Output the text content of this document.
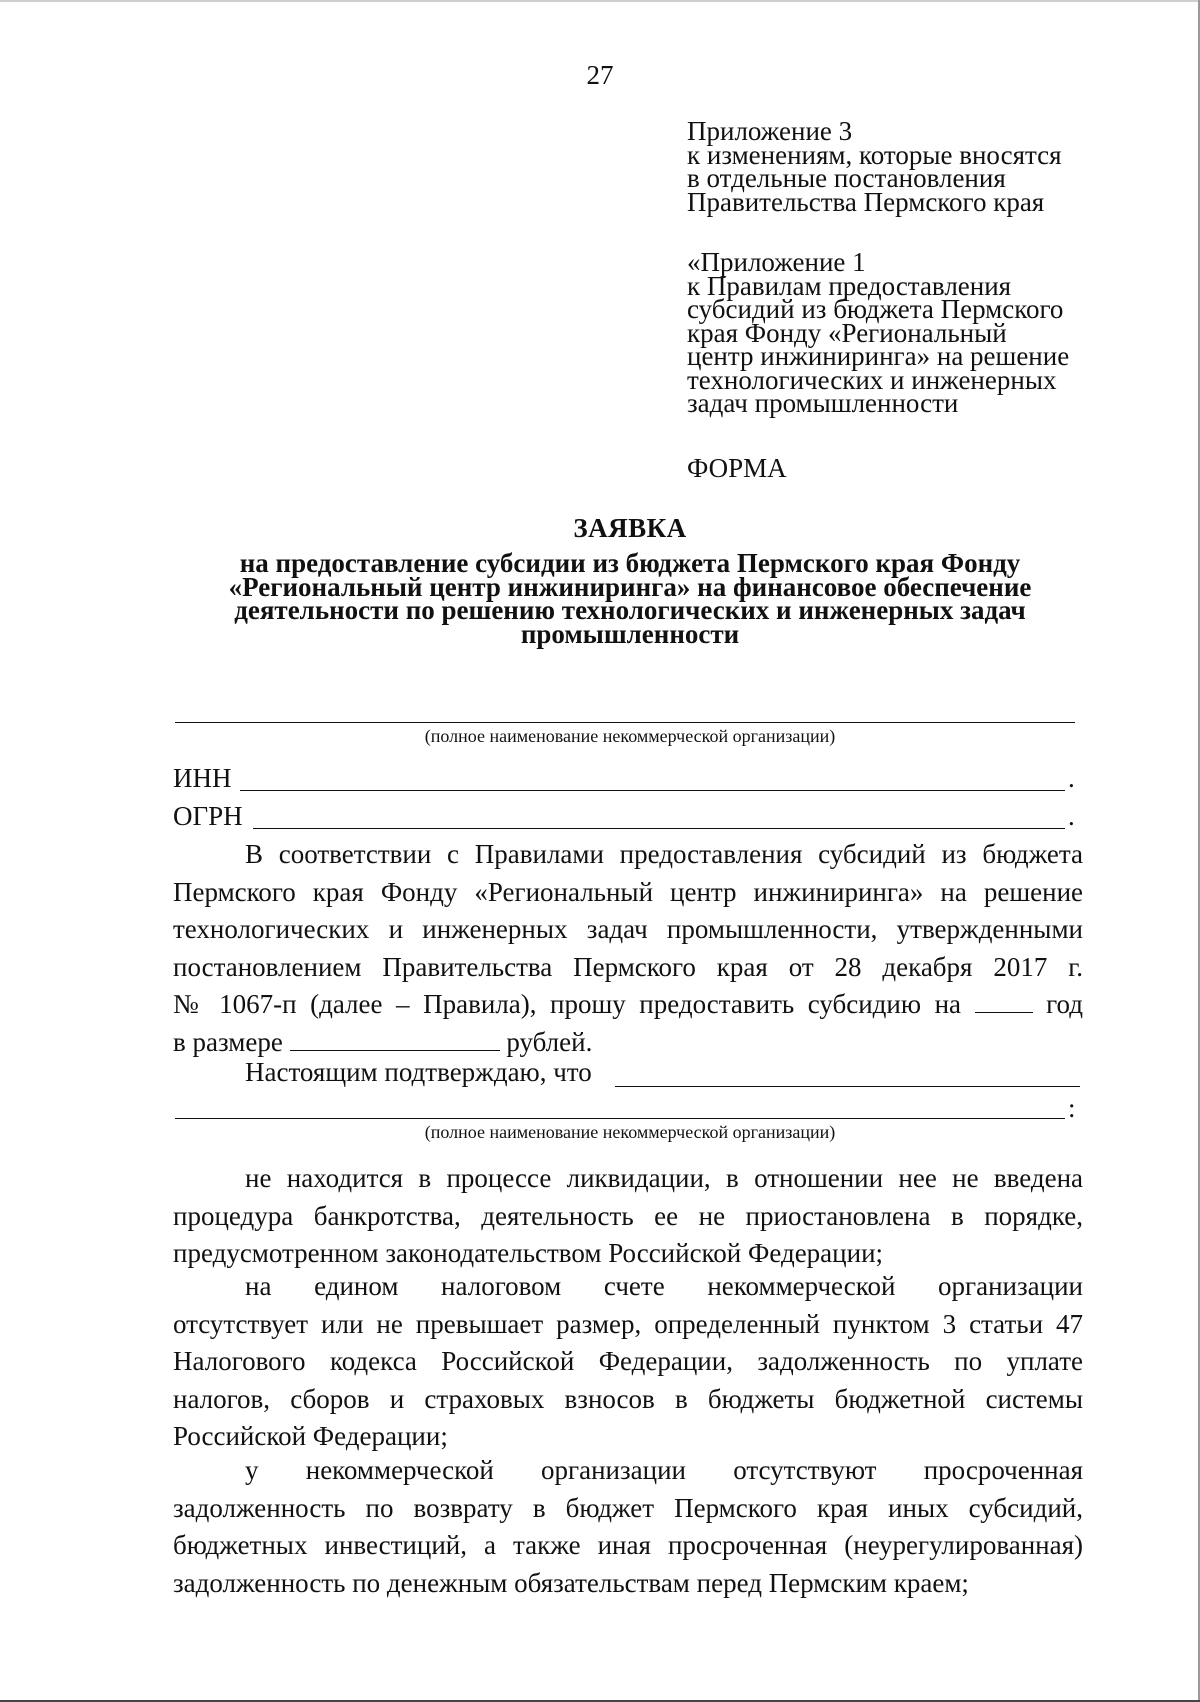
27
Приложение 3
к изменениям, которые вносятся
в отдельные постановления
Правительства Пермского края
«Приложение 1
к Правилам предоставления
субсидий из бюджета Пермского
края Фонду «Региональный
центр инжиниринга» на решение
технологических и инженерных
задач промышленности
ФОРМА
ЗАЯВКА
на предоставление субсидии из бюджета Пермского края Фонду
«Региональный центр инжиниринга» на финансовое обеспечение
деятельности по решению технологических и инженерных задач
промышленности
(полное наименование некоммерческой организации)
ИНН	.
ОГРН	.
В соответствии с Правилами предоставления субсидий из бюджета
Пермского края Фонду «Региональный центр инжиниринга» на решение
технологических и инженерных задач промышленности, утвержденными
постановлением Правительства Пермского края от 28 декабря 2017 г.
№ 1067-п (далее – Правила), прошу предоставить субсидию на	год
в размере	рублей.
Настоящим подтверждаю, что
:
(полное наименование некоммерческой организации)
не находится в процессе ликвидации, в отношении нее не введена
процедура банкротства, деятельность ее не приостановлена в порядке,
предусмотренном законодательством Российской Федерации;
на едином налоговом счете некоммерческой организации
отсутствует или не превышает размер, определенный пунктом 3 статьи 47
Налогового кодекса Российской Федерации, задолженность по уплате
налогов, сборов и страховых взносов в бюджеты бюджетной системы
Российской Федерации;
у некоммерческой организации отсутствуют просроченная
задолженность по возврату в бюджет Пермского края иных субсидий,
бюджетных инвестиций, а также иная просроченная (неурегулированная)
задолженность по денежным обязательствам перед Пермским краем;
